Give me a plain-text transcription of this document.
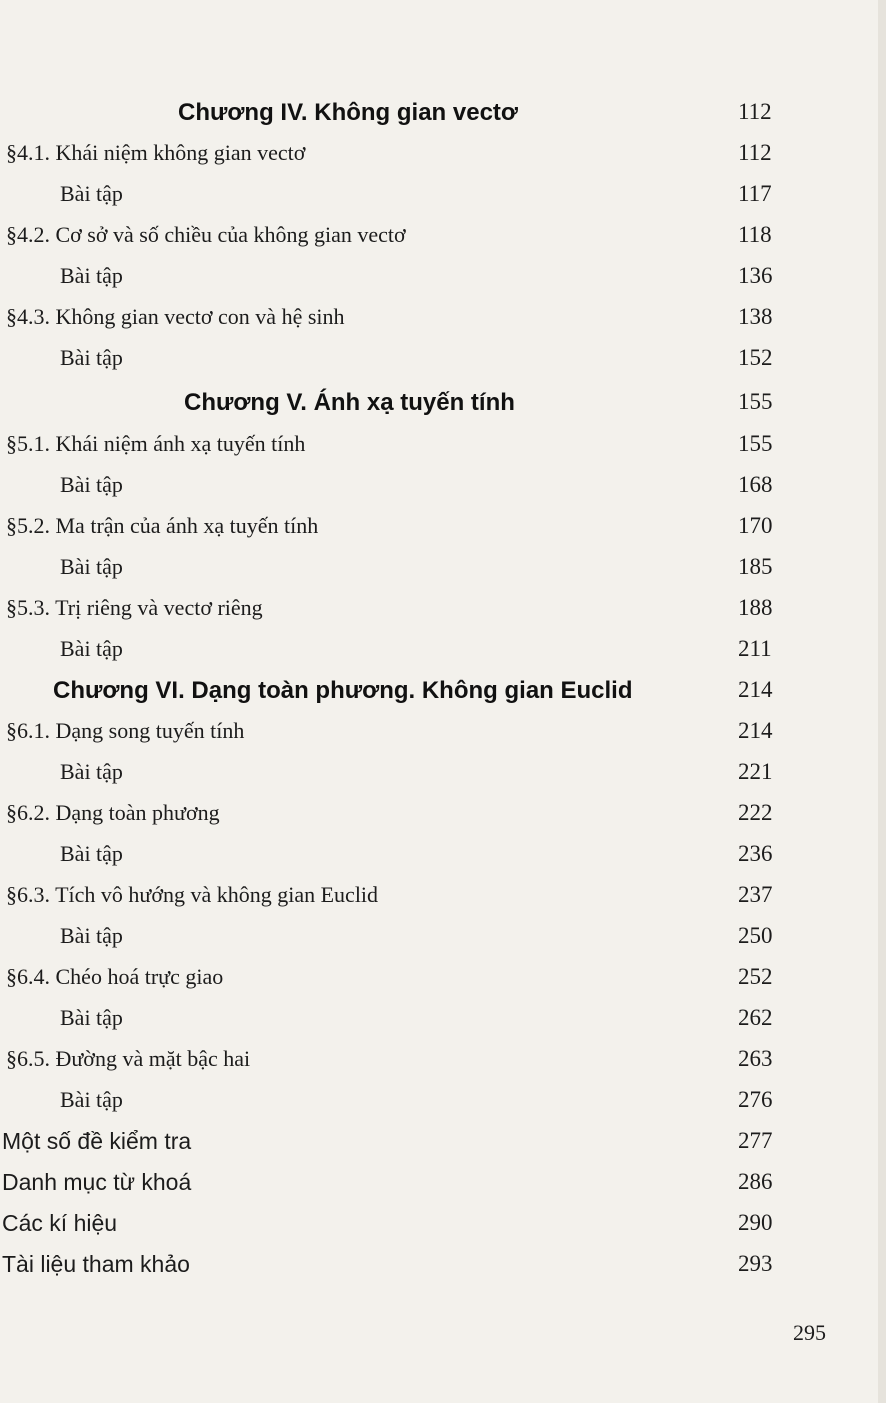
Chương IV. Không gian vectơ	112
§4.1. Khái niệm không gian vectơ	112
Bài tập	117
§4.2. Cơ sở và số chiều của không gian vectơ	118
Bài tập	136
§4.3. Không gian vectơ con và hệ sinh	138
Bài tập	152
Chương V. Ánh xạ tuyến tính	155
§5.1. Khái niệm ánh xạ tuyến tính	155
Bài tập	168
§5.2. Ma trận của ánh xạ tuyến tính	170
Bài tập	185
§5.3. Trị riêng và vectơ riêng	188
Bài tập	211
Chương VI. Dạng toàn phương. Không gian Euclid	214
§6.1. Dạng song tuyến tính	214
Bài tập	221
§6.2. Dạng toàn phương	222
Bài tập	236
§6.3. Tích vô hướng và không gian Euclid	237
Bài tập	250
§6.4. Chéo hoá trực giao	252
Bài tập	262
§6.5. Đường và mặt bậc hai	263
Bài tập	276
Một số đề kiểm tra	277
Danh mục từ khoá	286
Các kí hiệu	290
Tài liệu tham khảo	293
295
